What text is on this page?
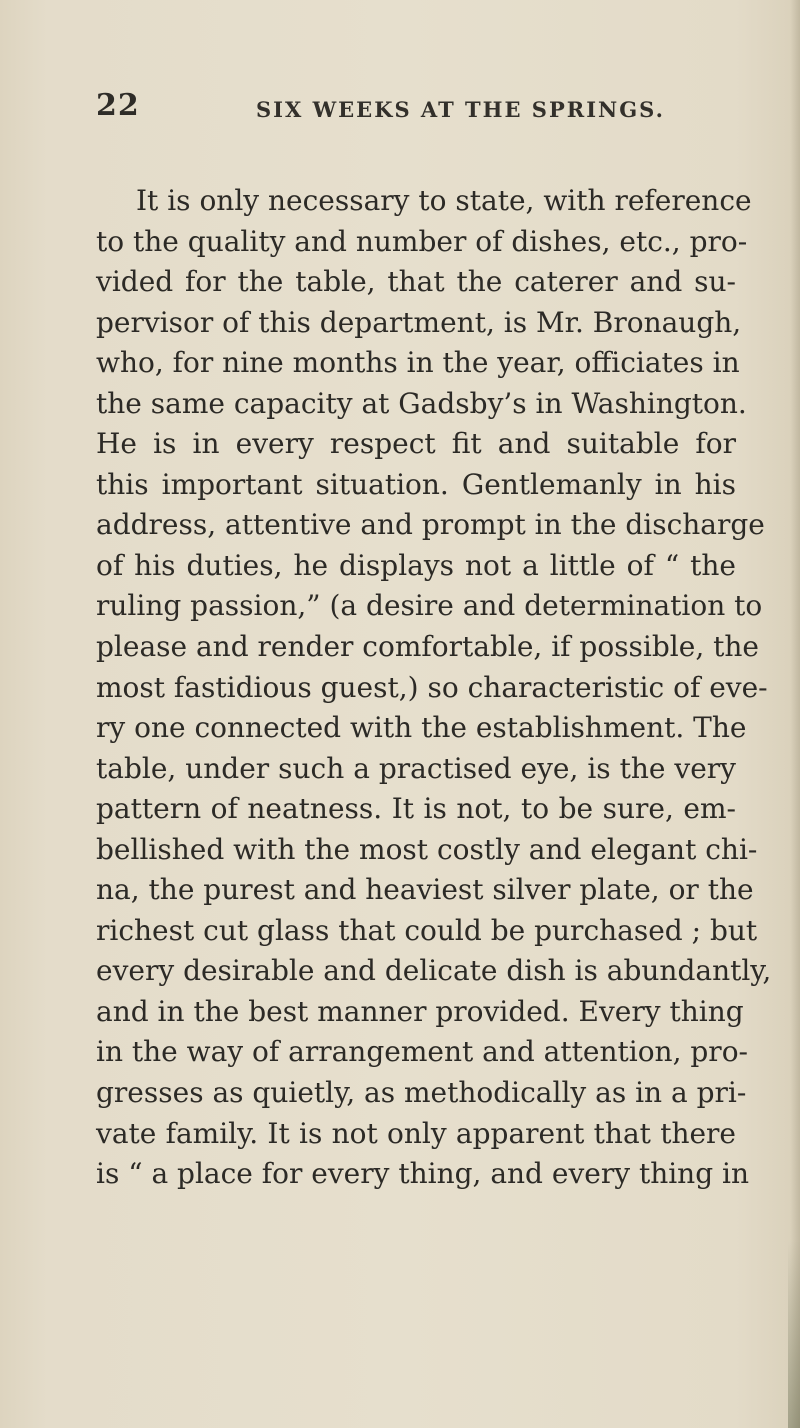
22	SIX WEEKS AT THE SPRINGS.
It is only necessary to state, with reference
to the quality and number of dishes, etc., pro-
vided for the table, that the caterer and su-
pervisor of this department, is Mr. Bronaugh,
who, for nine months in the year, officiates in
the same capacity at Gadsby’s in Washington.
He is in every respect fit and suitable for
this important situation. Gentlemanly in his
address, attentive and prompt in the discharge
of his duties, he displays not a little of “ the
ruling passion,” (a desire and determination to
please and render comfortable, if possible, the
most fastidious guest,) so characteristic of eve-
ry one connected with the establishment. The
table, under such a practised eye, is the very
pattern of neatness. It is not, to be sure, em-
bellished with the most costly and elegant chi-
na, the purest and heaviest silver plate, or the
richest cut glass that could be purchased ; but
every desirable and delicate dish is abundantly,
and in the best manner provided. Every thing
in the way of arrangement and attention, pro-
gresses as quietly, as methodically as in a pri-
vate family. It is not only apparent that there
is “ a place for every thing, and every thing in
